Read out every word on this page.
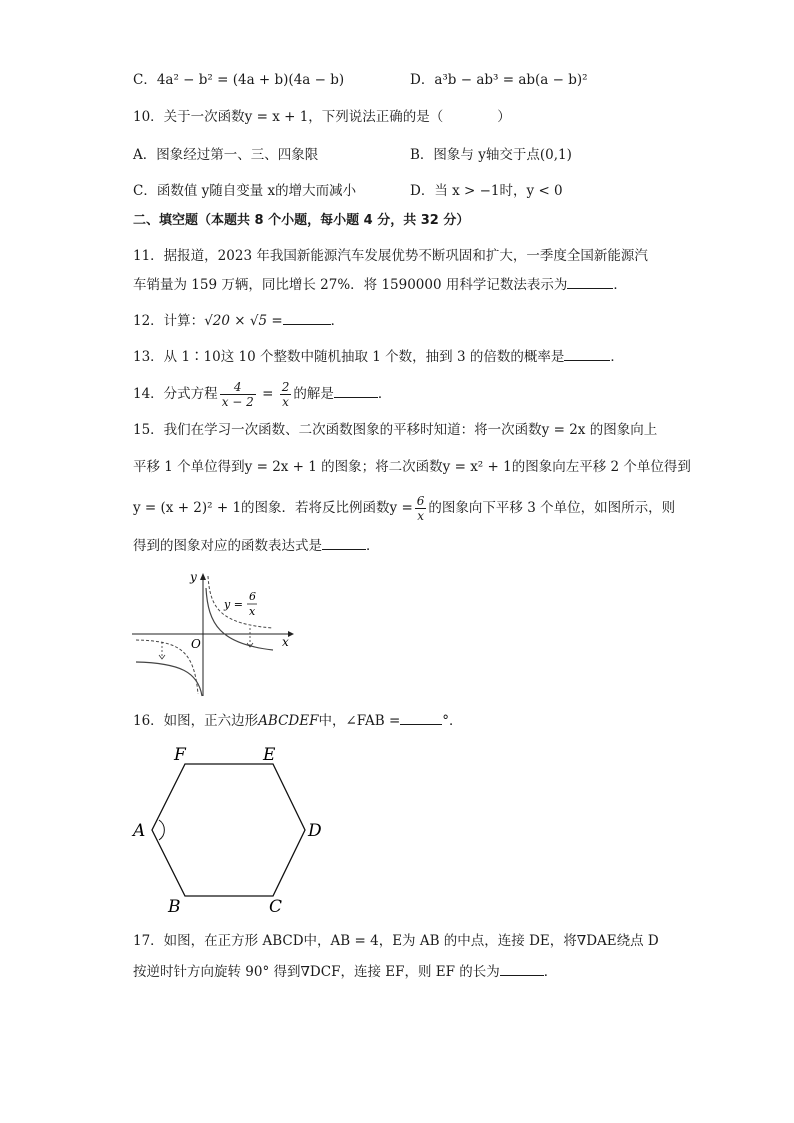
C．4a² − b² = (4a + b)(4a − b)	D．a³b − ab³ = ab(a − b)²
10．关于一次函数y = x + 1，下列说法正确的是（　　　　）
A．图象经过第一、三、四象限	B．图象与 y轴交于点(0,1)
C．函数值 y随自变量 x的增大而减小	D．当 x > −1时，y < 0
二、填空题（本题共 8 个小题，每小题 4 分，共 32 分）
11．据报道，2023 年我国新能源汽车发展优势不断巩固和扩大，一季度全国新能源汽
车销量为 159 万辆，同比增长 27%．将 1590000 用科学记数法表示为	．
12．计算：√20 × √5 =	．
13．从 1∶10这 10 个整数中随机抽取 1 个数，抽到 3 的倍数的概率是	．
14．分式方程 $\frac{4}{x - 2} = \frac{2}{x}$ 的解是	．
15．我们在学习一次函数、二次函数图象的平移时知道：将一次函数y = 2x 的图象向上
平移 1 个单位得到y = 2x + 1 的图象；将二次函数y = x² + 1的图象向左平移 2 个单位得到
y = (x + 2)² + 1的图象．若将反比例函数$y = \frac{6}{x}$ 的图象向下平移 3 个单位，如图所示，则
得到的图象对应的函数表达式是	．
y
x
O
y =
6
x
16．如图，正六边形ABCDEF中，∠FAB =	°．
F	E
A	D
B	C
17．如图，在正方形 ABCD中，AB = 4，E为 AB 的中点，连接 DE，将∇DAE绕点 D
按逆时针方向旋转 90° 得到∇DCF，连接 EF，则 EF 的长为	．
